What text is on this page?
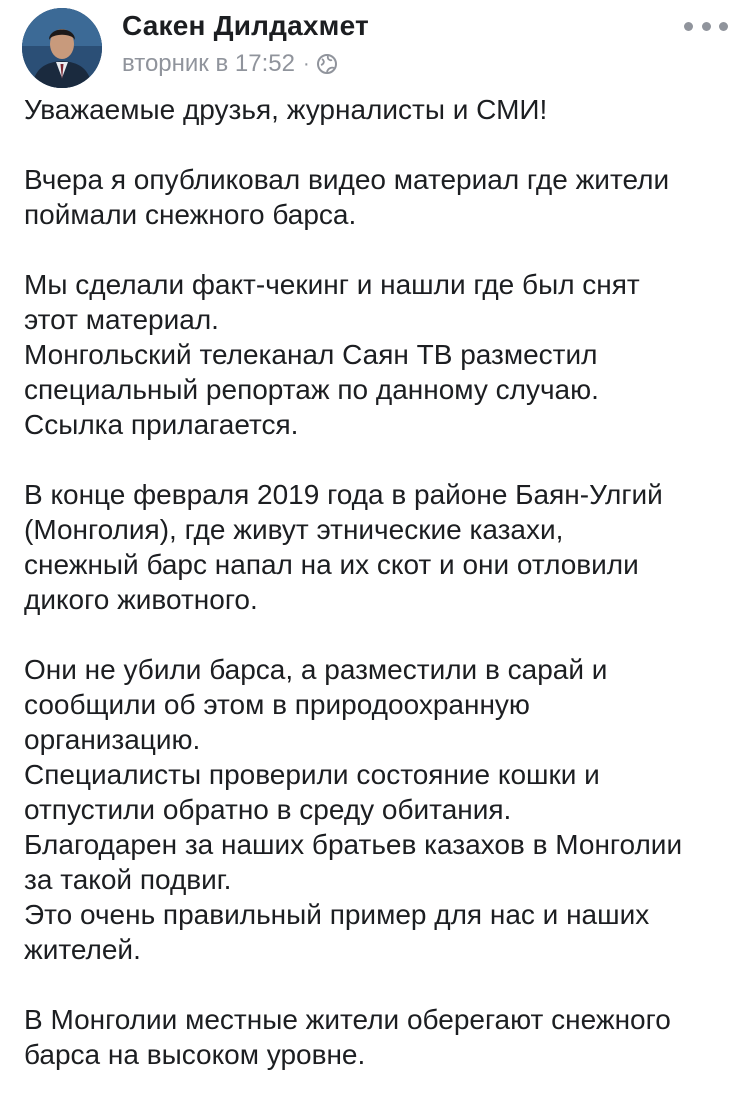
Сакен Дилдахмет
вторник в 17:52 ·
Уважаемые друзья, журналисты и СМИ!
Вчера я опубликовал видео материал где жители
поймали снежного барса.
Мы сделали факт-чекинг и нашли где был снят
этот материал.
Монгольский телеканал Саян ТВ разместил
специальный репортаж по данному случаю.
Ссылка прилагается.
В конце февраля 2019 года в районе Баян-Улгий
(Монголия), где живут этнические казахи,
снежный барс напал на их скот и они отловили
дикого животного.
Они не убили барса, а разместили в сарай и
сообщили об этом в природоохранную
организацию.
Специалисты проверили состояние кошки и
отпустили обратно в среду обитания.
Благодарен за наших братьев казахов в Монголии
за такой подвиг.
Это очень правильный пример для нас и наших
жителей.
В Монголии местные жители оберегают снежного
барса на высоком уровне.
